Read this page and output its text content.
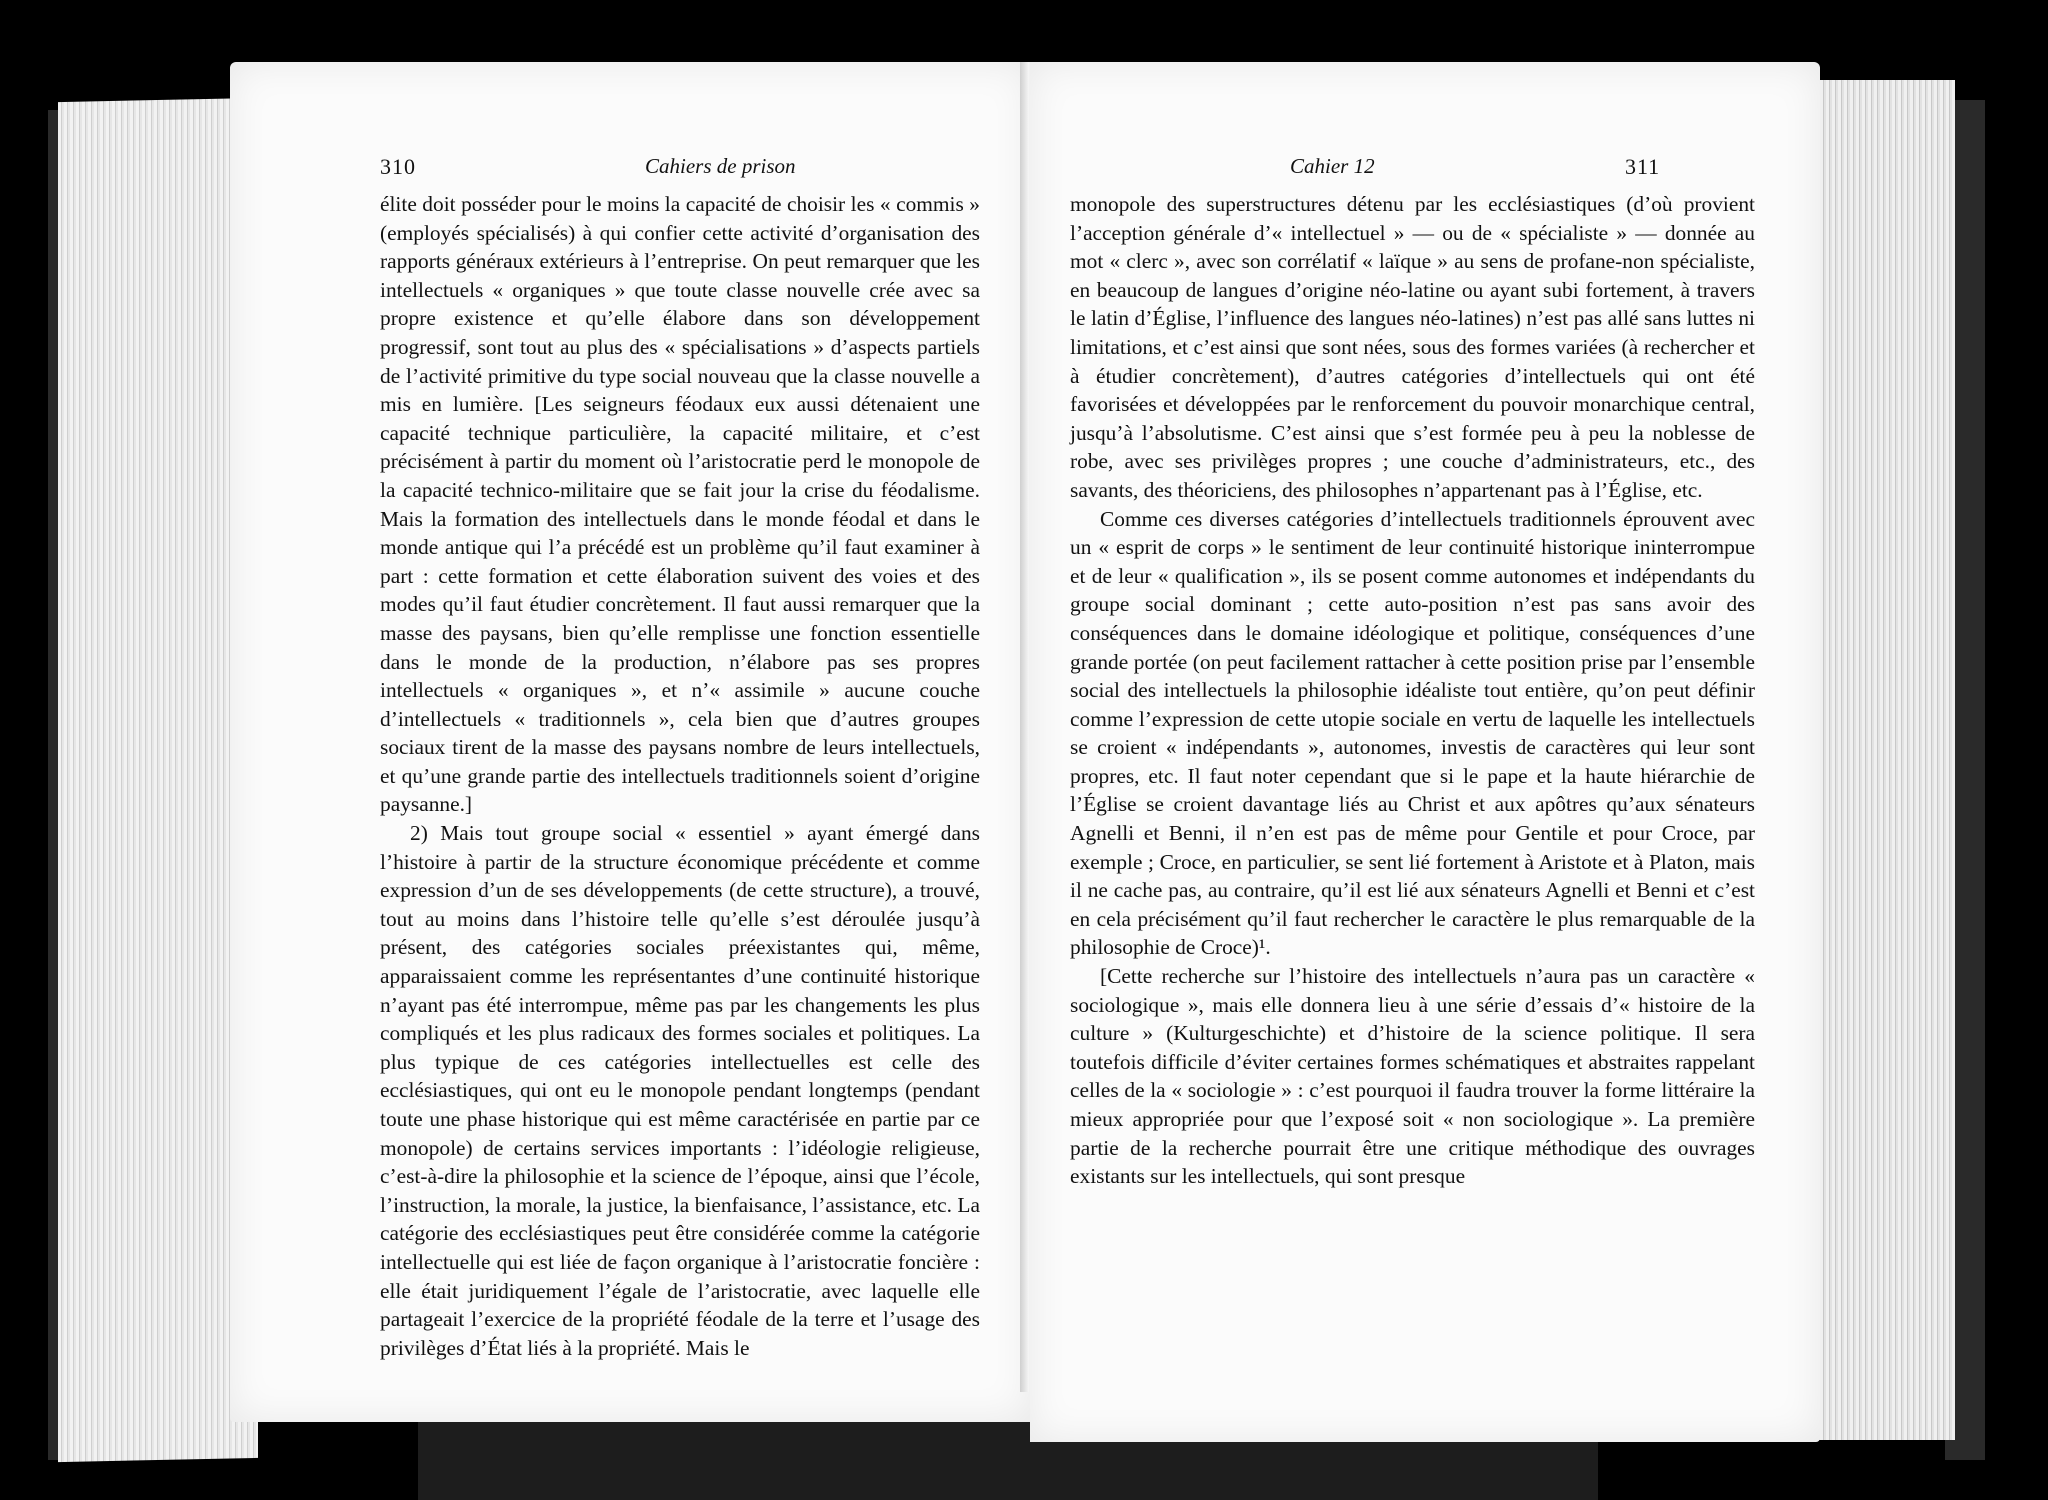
310	Cahiers de prison

élite doit posséder pour le moins la capacité de choisir les « commis » (employés spécialisés) à qui confier cette activité d’organisation des rapports généraux extérieurs à l’entreprise. On peut remarquer que les intellectuels « organiques » que toute classe nouvelle crée avec sa propre existence et qu’elle élabore dans son développement progressif, sont tout au plus des « spécialisations » d’aspects partiels de l’activité primitive du type social nouveau que la classe nouvelle a mis en lumière. [Les seigneurs féodaux eux aussi détenaient une capacité technique particulière, la capacité militaire, et c’est précisément à partir du moment où l’aristocratie perd le monopole de la capacité technico-militaire que se fait jour la crise du féodalisme. Mais la formation des intellectuels dans le monde féodal et dans le monde antique qui l’a précédé est un problème qu’il faut examiner à part : cette formation et cette élaboration suivent des voies et des modes qu’il faut étudier concrètement. Il faut aussi remarquer que la masse des paysans, bien qu’elle remplisse une fonction essentielle dans le monde de la production, n’élabore pas ses propres intellectuels « organiques », et n’« assimile » aucune couche d’intellectuels « traditionnels », cela bien que d’autres groupes sociaux tirent de la masse des paysans nombre de leurs intellectuels, et qu’une grande partie des intellectuels traditionnels soient d’origine paysanne.]

2) Mais tout groupe social « essentiel » ayant émergé dans l’histoire à partir de la structure économique précédente et comme expression d’un de ses développements (de cette structure), a trouvé, tout au moins dans l’histoire telle qu’elle s’est déroulée jusqu’à présent, des catégories sociales préexistantes qui, même, apparaissaient comme les représentantes d’une continuité historique n’ayant pas été interrompue, même pas par les changements les plus compliqués et les plus radicaux des formes sociales et politiques. La plus typique de ces catégories intellectuelles est celle des ecclésiastiques, qui ont eu le monopole pendant longtemps (pendant toute une phase historique qui est même caractérisée en partie par ce monopole) de certains services importants : l’idéologie religieuse, c’est-à-dire la philosophie et la science de l’époque, ainsi que l’école, l’instruction, la morale, la justice, la bienfaisance, l’assistance, etc. La catégorie des ecclésiastiques peut être considérée comme la catégorie intellectuelle qui est liée de façon organique à l’aristocratie foncière : elle était juridiquement l’égale de l’aristocratie, avec laquelle elle partageait l’exercice de la propriété féodale de la terre et l’usage des privilèges d’État liés à la propriété. Mais le

Cahier 12	311

monopole des superstructures détenu par les ecclésiastiques (d’où provient l’acception générale d’« intellectuel » — ou de « spécialiste » — donnée au mot « clerc », avec son corrélatif « laïque » au sens de profane-non spécialiste, en beaucoup de langues d’origine néo-latine ou ayant subi fortement, à travers le latin d’Église, l’influence des langues néo-latines) n’est pas allé sans luttes ni limitations, et c’est ainsi que sont nées, sous des formes variées (à rechercher et à étudier concrètement), d’autres catégories d’intellectuels qui ont été favorisées et développées par le renforcement du pouvoir monarchique central, jusqu’à l’absolutisme. C’est ainsi que s’est formée peu à peu la noblesse de robe, avec ses privilèges propres ; une couche d’administrateurs, etc., des savants, des théoriciens, des philosophes n’appartenant pas à l’Église, etc.

Comme ces diverses catégories d’intellectuels traditionnels éprouvent avec un « esprit de corps » le sentiment de leur continuité historique ininterrompue et de leur « qualification », ils se posent comme autonomes et indépendants du groupe social dominant ; cette auto-position n’est pas sans avoir des conséquences dans le domaine idéologique et politique, conséquences d’une grande portée (on peut facilement rattacher à cette position prise par l’ensemble social des intellectuels la philosophie idéaliste tout entière, qu’on peut définir comme l’expression de cette utopie sociale en vertu de laquelle les intellectuels se croient « indépendants », autonomes, investis de caractères qui leur sont propres, etc. Il faut noter cependant que si le pape et la haute hiérarchie de l’Église se croient davantage liés au Christ et aux apôtres qu’aux sénateurs Agnelli et Benni, il n’en est pas de même pour Gentile et pour Croce, par exemple ; Croce, en particulier, se sent lié fortement à Aristote et à Platon, mais il ne cache pas, au contraire, qu’il est lié aux sénateurs Agnelli et Benni et c’est en cela précisément qu’il faut rechercher le caractère le plus remarquable de la philosophie de Croce)¹.

[Cette recherche sur l’histoire des intellectuels n’aura pas un caractère « sociologique », mais elle donnera lieu à une série d’essais d’« histoire de la culture » (Kulturgeschichte) et d’histoire de la science politique. Il sera toutefois difficile d’éviter certaines formes schématiques et abstraites rappelant celles de la « sociologie » : c’est pourquoi il faudra trouver la forme littéraire la mieux appropriée pour que l’exposé soit « non sociologique ». La première partie de la recherche pourrait être une critique méthodique des ouvrages existants sur les intellectuels, qui sont presque
